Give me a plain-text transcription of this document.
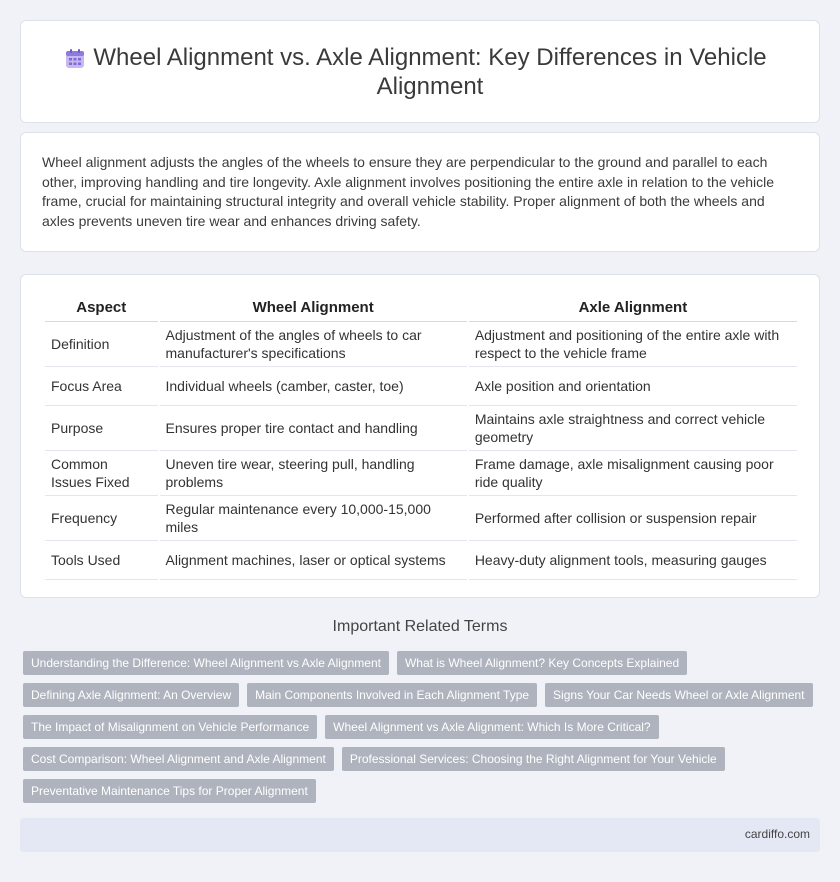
Wheel Alignment vs. Axle Alignment: Key Differences in Vehicle Alignment

Wheel alignment adjusts the angles of the wheels to ensure they are perpendicular to the ground and parallel to each other, improving handling and tire longevity. Axle alignment involves positioning the entire axle in relation to the vehicle frame, crucial for maintaining structural integrity and overall vehicle stability. Proper alignment of both the wheels and axles prevents uneven tire wear and enhances driving safety.

Aspect	Wheel Alignment	Axle Alignment
Definition	Adjustment of the angles of wheels to car manufacturer's specifications	Adjustment and positioning of the entire axle with respect to the vehicle frame
Focus Area	Individual wheels (camber, caster, toe)	Axle position and orientation
Purpose	Ensures proper tire contact and handling	Maintains axle straightness and correct vehicle geometry
Common Issues Fixed	Uneven tire wear, steering pull, handling problems	Frame damage, axle misalignment causing poor ride quality
Frequency	Regular maintenance every 10,000-15,000 miles	Performed after collision or suspension repair
Tools Used	Alignment machines, laser or optical systems	Heavy-duty alignment tools, measuring gauges
Important Related Terms
Understanding the Difference: Wheel Alignment vs Axle Alignment	What is Wheel Alignment? Key Concepts Explained
Defining Axle Alignment: An Overview	Main Components Involved in Each Alignment Type	Signs Your Car Needs Wheel or Axle Alignment
The Impact of Misalignment on Vehicle Performance	Wheel Alignment vs Axle Alignment: Which Is More Critical?
Cost Comparison: Wheel Alignment and Axle Alignment	Professional Services: Choosing the Right Alignment for Your Vehicle
Preventative Maintenance Tips for Proper Alignment
cardiffo.com
